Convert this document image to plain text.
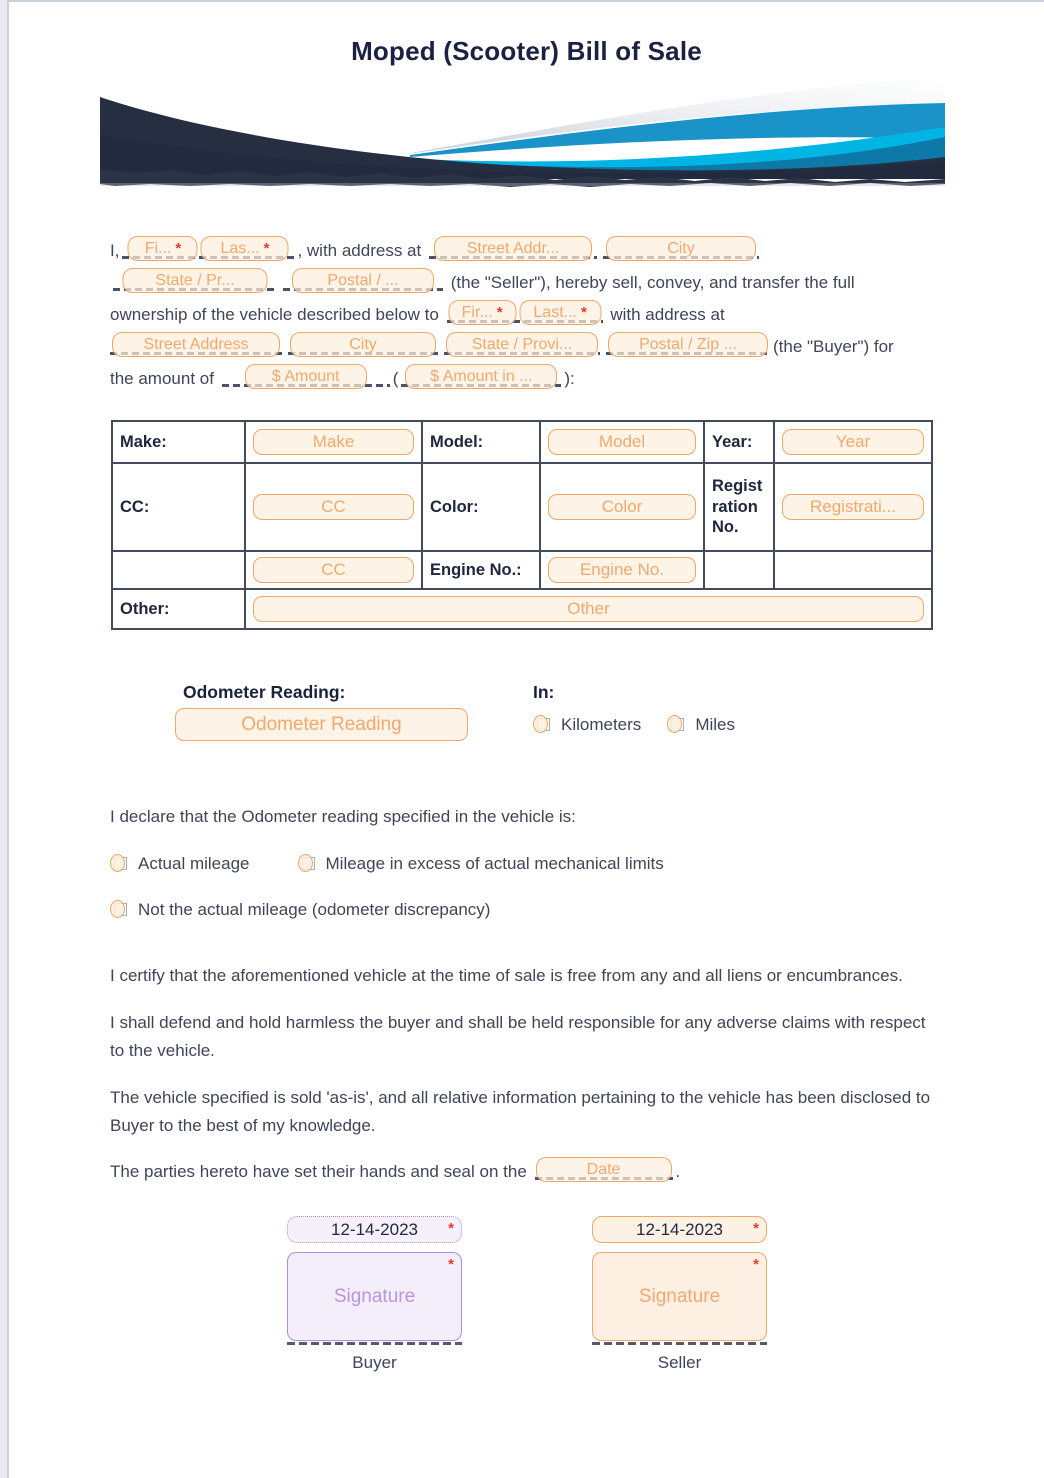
Moped (Scooter) Bill of Sale

I, Fi... * Las... * , with address at	Street Addr...	City

State / Pr...	Postal / ...	(the "Seller"), hereby sell, convey, and transfer the full
ownership of the vehicle described below to Fir... * Last... * with address at

Street Address	City	State / Provi...	Postal / Zip ... (the "Buyer") for
the amount of	$ Amount	( $ Amount in ... ):

Make:	Make	Model:	Model	Year:	Year

CC:	CC	Color:	Color	Registration No.	Registrati...

	CC	Engine No.:	Engine No.		

Other:	Other				
Odometer Reading:
Odometer Reading
In:
Kilometers	Miles

I declare that the Odometer reading specified in the vehicle is:

Actual mileage	Mileage in excess of actual mechanical limits
Not the actual mileage (odometer discrepancy)

I certify that the aforementioned vehicle at the time of sale is free from any and all liens or encumbrances.

I shall defend and hold harmless the buyer and shall be held responsible for any adverse claims with respect to the vehicle.

The vehicle specified is sold 'as-is', and all relative information pertaining to the vehicle has been disclosed to Buyer to the best of my knowledge.

The parties hereto have set their hands and seal on the	Date	.

12-14-2023 *
Signature
*
Buyer
12-14-2023 *
Signature
*
Seller
